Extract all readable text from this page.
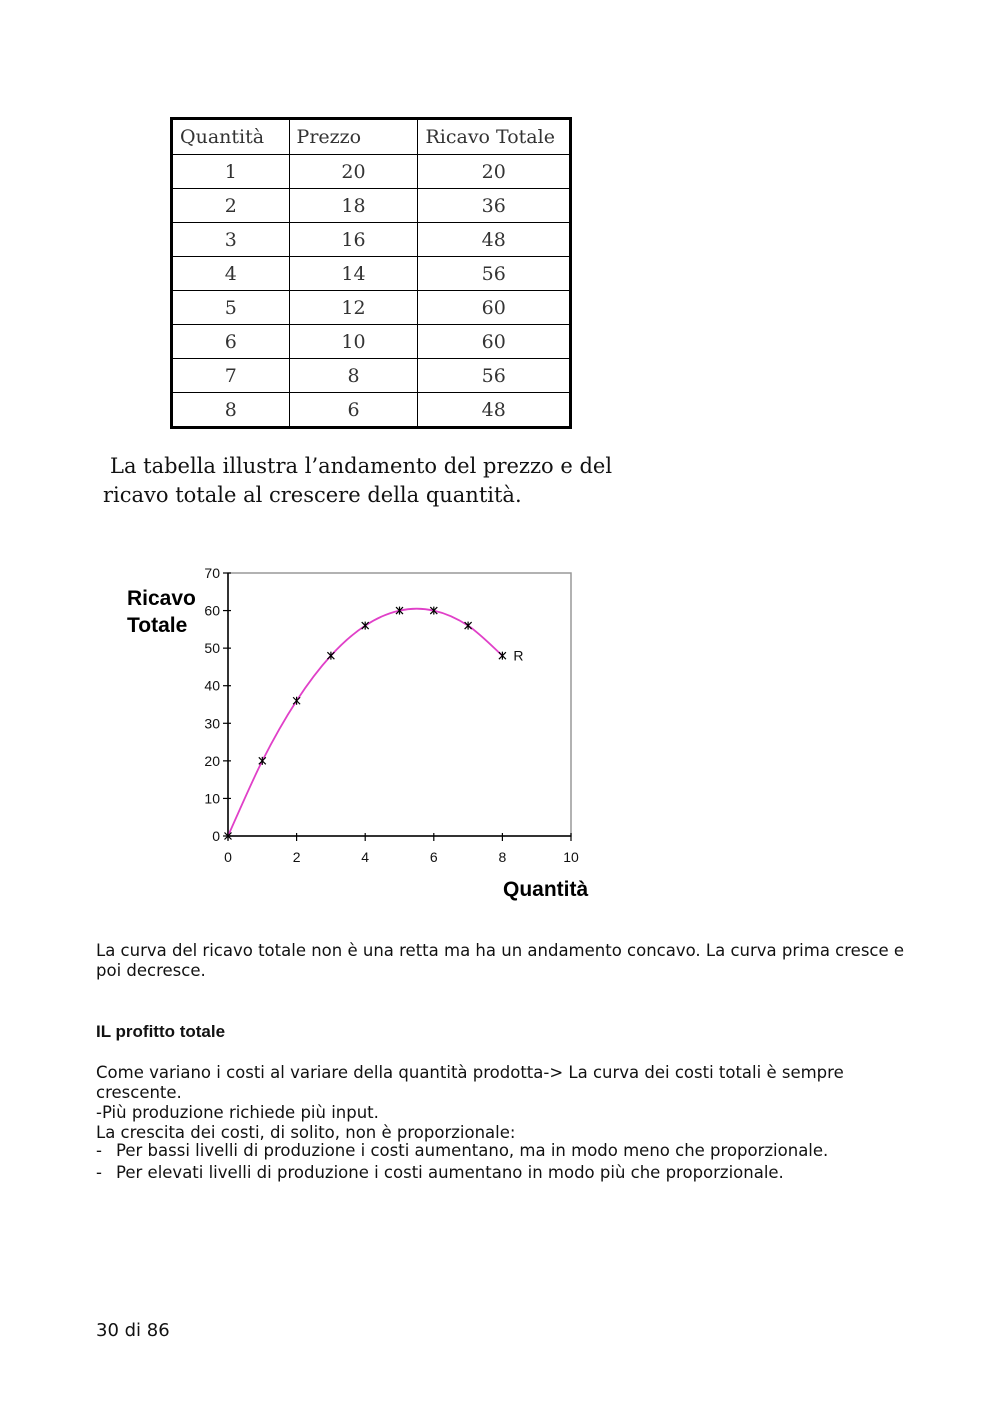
Quantità	Prezzo	Ricavo Totale
1	20	20
2	18	36
3	16	48
4	14	56
5	12	60
6	10	60
7	8	56
8	6	48
La tabella illustra l’andamento del prezzo e del
ricavo totale al crescere della quantità.
Ricavo
Totale
0
10
20
30
40
50
60
70
0	2	4	6	8	10
R
Quantità
La curva del ricavo totale non è una retta ma ha un andamento concavo. La curva prima cresce e poi decresce.
IL profitto totale
Come variano i costi al variare della quantità prodotta-> La curva dei costi totali è sempre crescente.
-Più produzione richiede più input.
La crescita dei costi, di solito, non è proporzionale:
- Per bassi livelli di produzione i costi aumentano, ma in modo meno che proporzionale.
- Per elevati livelli di produzione i costi aumentano in modo più che proporzionale.
30 di 86
